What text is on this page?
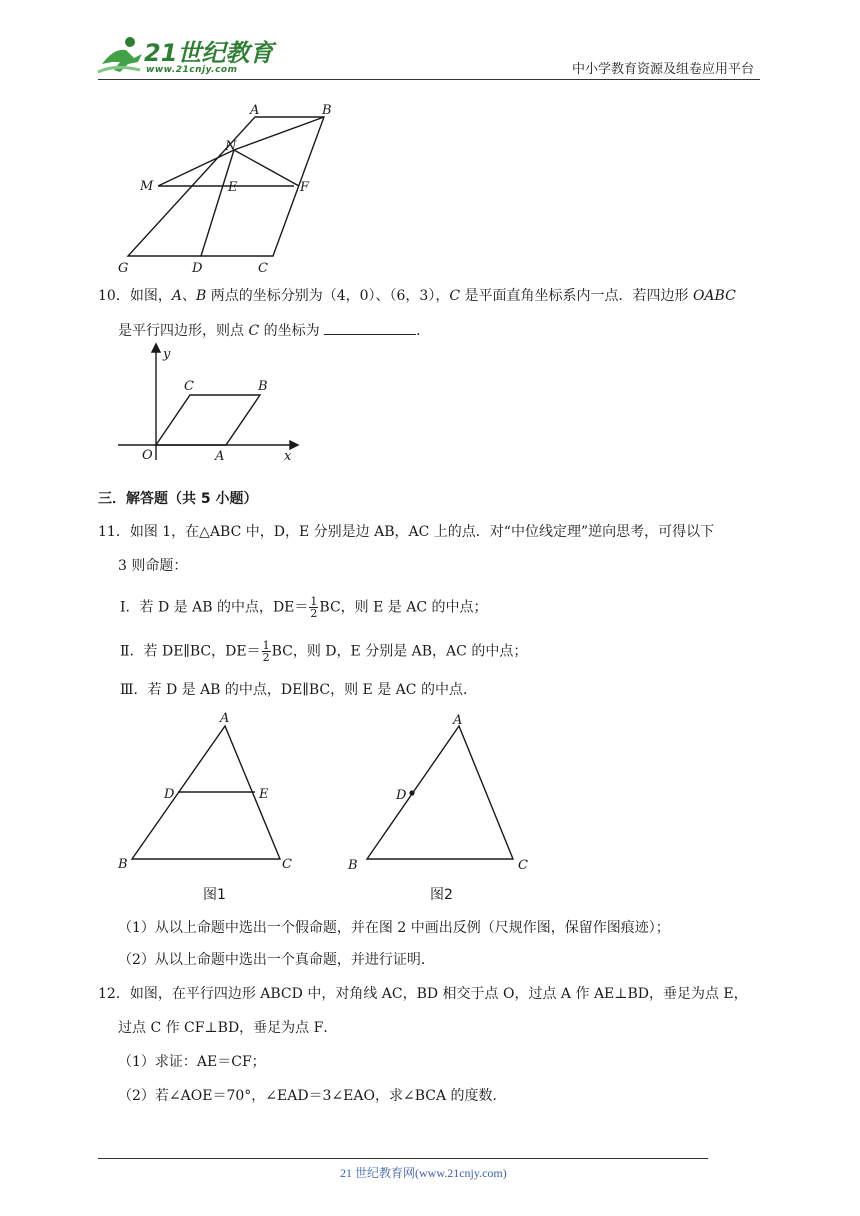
21世纪教育
www.21cnjy.com	中小学教育资源及组卷应用平台
A	B
N
M	E	F
G	D	C
10．如图，A、B 两点的坐标分别为（4，0）、（6，3），C 是平面直角坐标系内一点．若四边形 OABC
是平行四边形，则点 C 的坐标为	．
y
C	B
O	A	x
三．解答题（共 5 小题）
11．如图 1，在△ABC 中，D，E 分别是边 AB，AC 上的点．对“中位线定理”逆向思考，可得以下
3 则命题：
Ⅰ．若 D 是 AB 的中点，$DE= \frac{1}{2}$ BC，则 E 是 AC 的中点；
Ⅱ．若 DE∥BC，$DE= \frac{1}{2}$ BC，则 D，E 分别是 AB，AC 的中点；
Ⅲ．若 D 是 AB 的中点，DE∥BC，则 E 是 AC 的中点．
A
D	E
B	C
图1
A
D
B	C
图2
（1）从以上命题中选出一个假命题，并在图 2 中画出反例（尺规作图，保留作图痕迹）；
（2）从以上命题中选出一个真命题，并进行证明．
12．如图，在平行四边形 ABCD 中，对角线 AC，BD 相交于点 O，过点 A 作 AE⊥BD，垂足为点 E，
过点 C 作 CF⊥BD，垂足为点 F．
（1）求证：AE＝CF；
（2）若∠AOE＝70°，∠EAD＝3∠EAO，求∠BCA 的度数．
21 世纪教育网(www.21cnjy.com)
